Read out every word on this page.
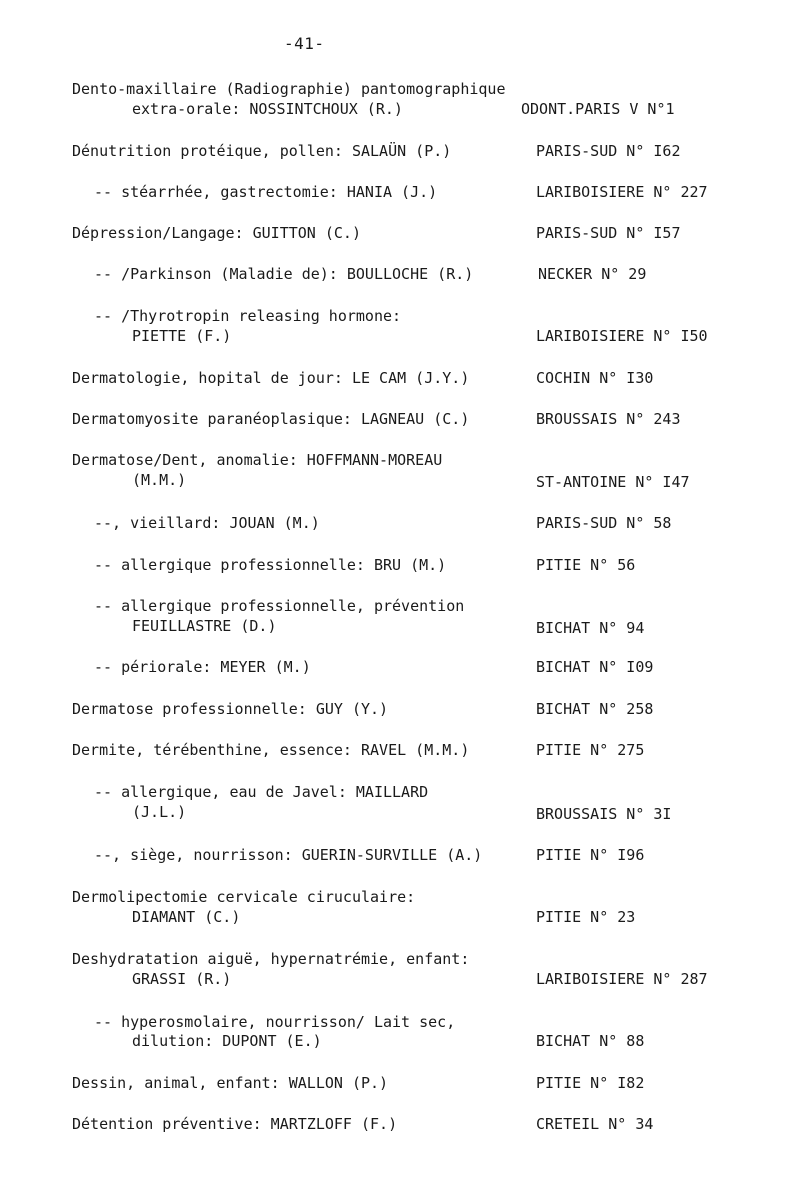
-41-
Dento-maxillaire (Radiographie) pantomographique
extra-orale: NOSSINTCHOUX (R.)	ODONT.PARIS V N°1
Dénutrition protéique, pollen: SALAÜN (P.)	PARIS-SUD N° I62
-- stéarrhée, gastrectomie: HANIA (J.)	LARIBOISIERE N° 227
Dépression/Langage: GUITTON (C.)	PARIS-SUD N° I57
-- /Parkinson (Maladie de): BOULLOCHE (R.)	NECKER N° 29
-- /Thyrotropin releasing hormone:
PIETTE (F.)	LARIBOISIERE N° I50
Dermatologie, hopital de jour: LE CAM (J.Y.)	COCHIN N° I30
Dermatomyosite paranéoplasique: LAGNEAU (C.)	BROUSSAIS N° 243
Dermatose/Dent, anomalie: HOFFMANN-MOREAU
(M.M.)	ST-ANTOINE N° I47
--, vieillard: JOUAN (M.)	PARIS-SUD N° 58
-- allergique professionnelle: BRU (M.)	PITIE N° 56
-- allergique professionnelle, prévention
FEUILLASTRE (D.)	BICHAT N° 94
-- périorale: MEYER (M.)	BICHAT N° I09
Dermatose professionnelle: GUY (Y.)	BICHAT N° 258
Dermite, térébenthine, essence: RAVEL (M.M.)	PITIE N° 275
-- allergique, eau de Javel: MAILLARD
(J.L.)	BROUSSAIS N° 3I
--, siège, nourrisson: GUERIN-SURVILLE (A.)	PITIE N° I96
Dermolipectomie cervicale ciruculaire:
DIAMANT (C.)	PITIE N° 23
Deshydratation aiguë, hypernatrémie, enfant:
GRASSI (R.)	LARIBOISIERE N° 287
-- hyperosmolaire, nourrisson/ Lait sec,
dilution: DUPONT (E.)	BICHAT N° 88
Dessin, animal, enfant: WALLON (P.)	PITIE N° I82
Détention préventive: MARTZLOFF (F.)	CRETEIL N° 34
